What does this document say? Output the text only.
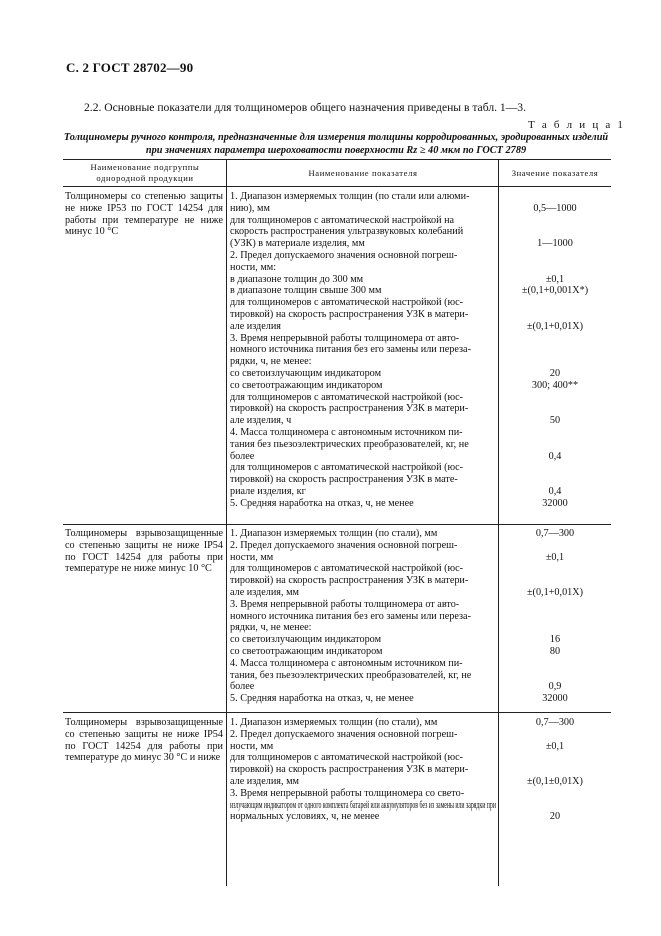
С. 2 ГОСТ 28702—90
2.2. Основные показатели для толщиномеров общего назначения приведены в табл. 1—3.
Т а б л и ц а 1
Толщиномеры ручного контроля, предназначенные для измерения толщины корродированных, эродированных изделий при значениях параметра шероховатости поверхности Rz ≥ 40 мкм по ГОСТ 2789
Наименование подгруппы однородной продукции	Наименование показателя	Значение показателя
Толщиномеры со степенью защиты не ниже IP53 по ГОСТ 14254 для работы при температуре не ниже минус 10 °С
1. Диапазон измеряемых толщин (по стали или алюми-
нию), мм
для толщиномеров с автоматической настройкой на
скорость распространения ультразвуковых колебаний
(УЗК) в материале изделия, мм
2. Предел допускаемого значения основной погреш-
ности, мм:
в диапазоне толщин до 300 мм
в диапазоне толщин свыше 300 мм
для толщиномеров с автоматической настройкой (юс-
тировкой) на скорость распространения УЗК в матери-
але изделия
3. Время непрерывной работы толщиномера от авто-
номного источника питания без его замены или переза-
рядки, ч, не менее:
со светоизлучающим индикатором
со светоотражающим индикатором
для толщиномеров с автоматической настройкой (юс-
тировкой) на скорость распространения УЗК в матери-
але изделия, ч
4. Масса толщиномера с автономным источником пи-
тания без пьезоэлектрических преобразователей, кг, не
более
для толщиномеров с автоматической настройкой (юс-
тировкой) на скорость распространения УЗК в мате-
риале изделия, кг
5. Средняя наработка на отказ, ч, не менее
0,5—1000
1—1000
±0,1
±(0,1+0,001X*)
±(0,1+0,01X)
20
300; 400**
50
0,4
0,4
32000
Толщиномеры взрывозащищенные со степенью защиты не ниже IP54 по ГОСТ 14254 для работы при температуре не ниже минус 10 °С
1. Диапазон измеряемых толщин (по стали), мм
2. Предел допускаемого значения основной погреш-
ности, мм
для толщиномеров с автоматической настройкой (юс-
тировкой) на скорость распространения УЗК в матери-
але изделия, мм
3. Время непрерывной работы толщиномера от авто-
номного источника питания без его замены или переза-
рядки, ч, не менее:
со светоизлучающим индикатором
со светоотражающим индикатором
4. Масса толщиномера с автономным источником пи-
тания, без пьезоэлектрических преобразователей, кг, не
более
5. Средняя наработка на отказ, ч, не менее
0,7—300
±0,1
±(0,1+0,01X)
16
80
0,9
32000
Толщиномеры взрывозащищенные со степенью защиты не ниже IP54 по ГОСТ 14254 для работы при температуре до минус 30 °С и ниже
1. Диапазон измеряемых толщин (по стали), мм
2. Предел допускаемого значения основной погреш-
ности, мм
для толщиномеров с автоматической настройкой (юс-
тировкой) на скорость распространения УЗК в матери-
але изделия, мм
3. Время непрерывной работы толщиномера со свето-
излучающим индикатором от одного комплекта батарей или аккумуляторов без из замены или зарядки при
нормальных условиях, ч, не менее
0,7—300
±0,1
±(0,1±0,01X)
20
